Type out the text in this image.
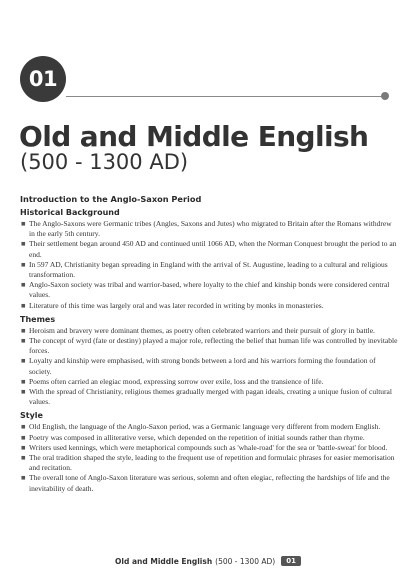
01
Old and Middle English
(500 - 1300 AD)
Introduction to the Anglo-Saxon Period
Historical Background
■ The Anglo-Saxons were Germanic tribes (Angles, Saxons and Jutes) who migrated to Britain after the Romans withdrew in the early 5th century.
■ Their settlement began around 450 AD and continued until 1066 AD, when the Norman Conquest brought the period to an end.
■ In 597 AD, Christianity began spreading in England with the arrival of St. Augustine, leading to a cultural and religious transformation.
■ Anglo-Saxon society was tribal and warrior-based, where loyalty to the chief and kinship bonds were considered central values.
■ Literature of this time was largely oral and was later recorded in writing by monks in monasteries.
Themes
■ Heroism and bravery were dominant themes, as poetry often celebrated warriors and their pursuit of glory in battle.
■ The concept of wyrd (fate or destiny) played a major role, reflecting the belief that human life was controlled by inevitable forces.
■ Loyalty and kinship were emphasised, with strong bonds between a lord and his warriors forming the foundation of society.
■ Poems often carried an elegiac mood, expressing sorrow over exile, loss and the transience of life.
■ With the spread of Christianity, religious themes gradually merged with pagan ideals, creating a unique fusion of cultural values.
Style
■ Old English, the language of the Anglo-Saxon period, was a Germanic language very different from modern English.
■ Poetry was composed in alliterative verse, which depended on the repetition of initial sounds rather than rhyme.
■ Writers used kennings, which were metaphorical compounds such as 'whale-road' for the sea or 'battle-sweat' for blood.
■ The oral tradition shaped the style, leading to the frequent use of repetition and formulaic phrases for easier memorisation and recitation.
■ The overall tone of Anglo-Saxon literature was serious, solemn and often elegiac, reflecting the hardships of life and the inevitability of death.
Old and Middle English (500 - 1300 AD)	01
